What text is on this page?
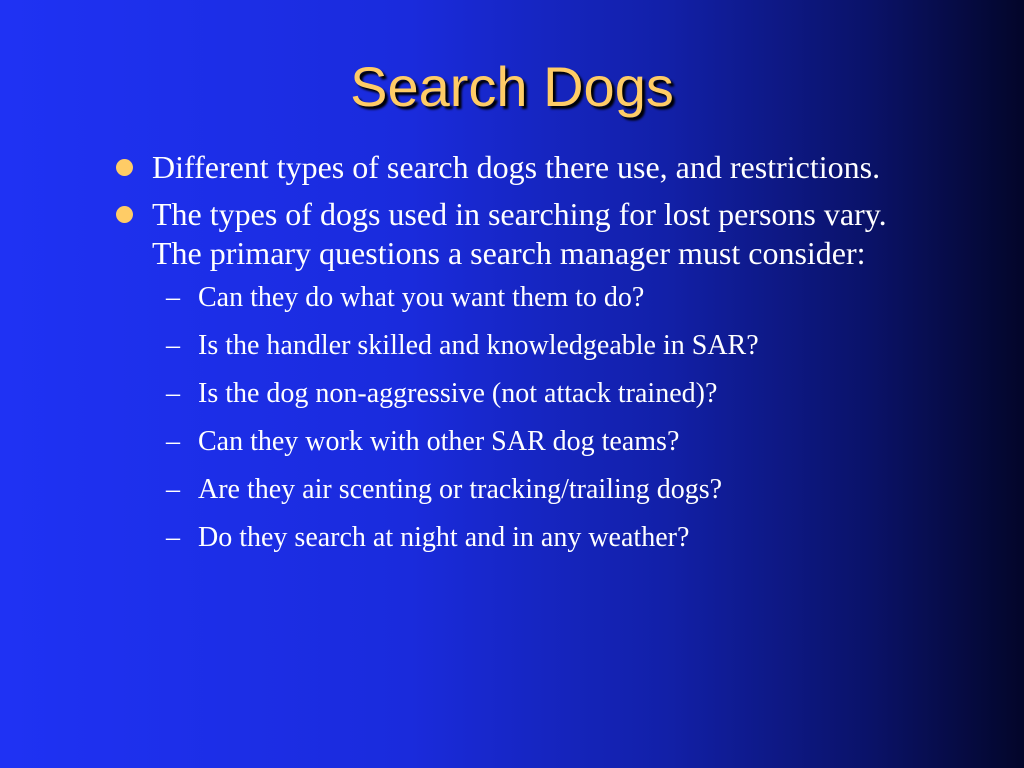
Search Dogs
Different types of search dogs there use, and restrictions.
The types of dogs used in searching for lost persons vary. The primary questions a search manager must consider:
– Can they do what you want them to do?
– Is the handler skilled and knowledgeable in SAR?
– Is the dog non-aggressive (not attack trained)?
– Can they work with other SAR dog teams?
– Are they air scenting or tracking/trailing dogs?
– Do they search at night and in any weather?
